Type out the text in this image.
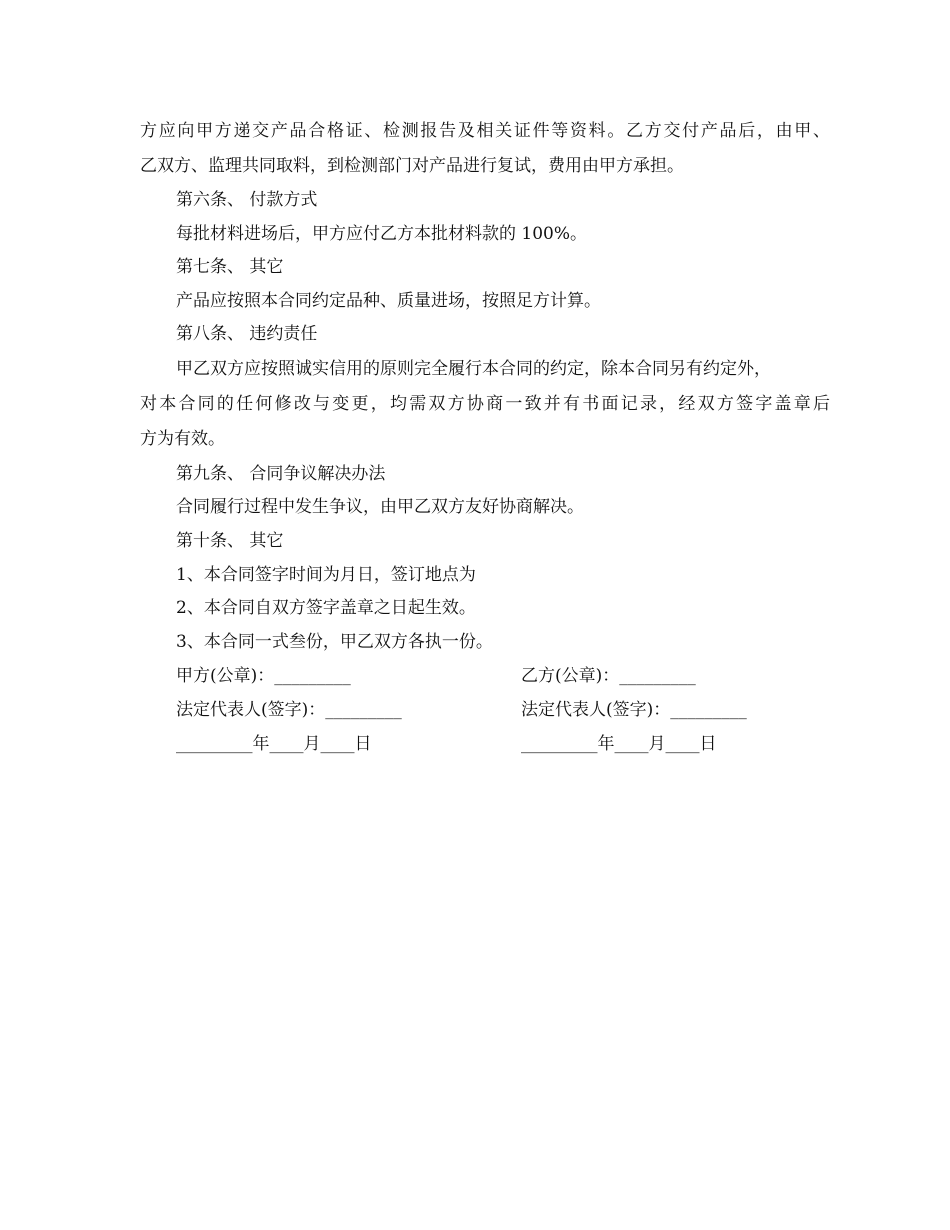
方应向甲方递交产品合格证、检测报告及相关证件等资料。乙方交付产品后，由甲、
乙双方、监理共同取料，到检测部门对产品进行复试，费用由甲方承担。
第六条、 付款方式
每批材料进场后，甲方应付乙方本批材料款的 100%。
第七条、 其它
产品应按照本合同约定品种、质量进场，按照足方计算。
第八条、 违约责任
甲乙双方应按照诚实信用的原则完全履行本合同的约定，除本合同另有约定外，
对本合同的任何修改与变更，均需双方协商一致并有书面记录，经双方签字盖章后
方为有效。
第九条、 合同争议解决办法
合同履行过程中发生争议，由甲乙双方友好协商解决。
第十条、 其它
1、本合同签字时间为月日，签订地点为
2、本合同自双方签字盖章之日起生效。
3、本合同一式叁份，甲乙双方各执一份。
甲方(公章)：_________	乙方(公章)：_________
法定代表人(签字)：_________	法定代表人(签字)：_________
_________年____月____日	_________年____月____日
